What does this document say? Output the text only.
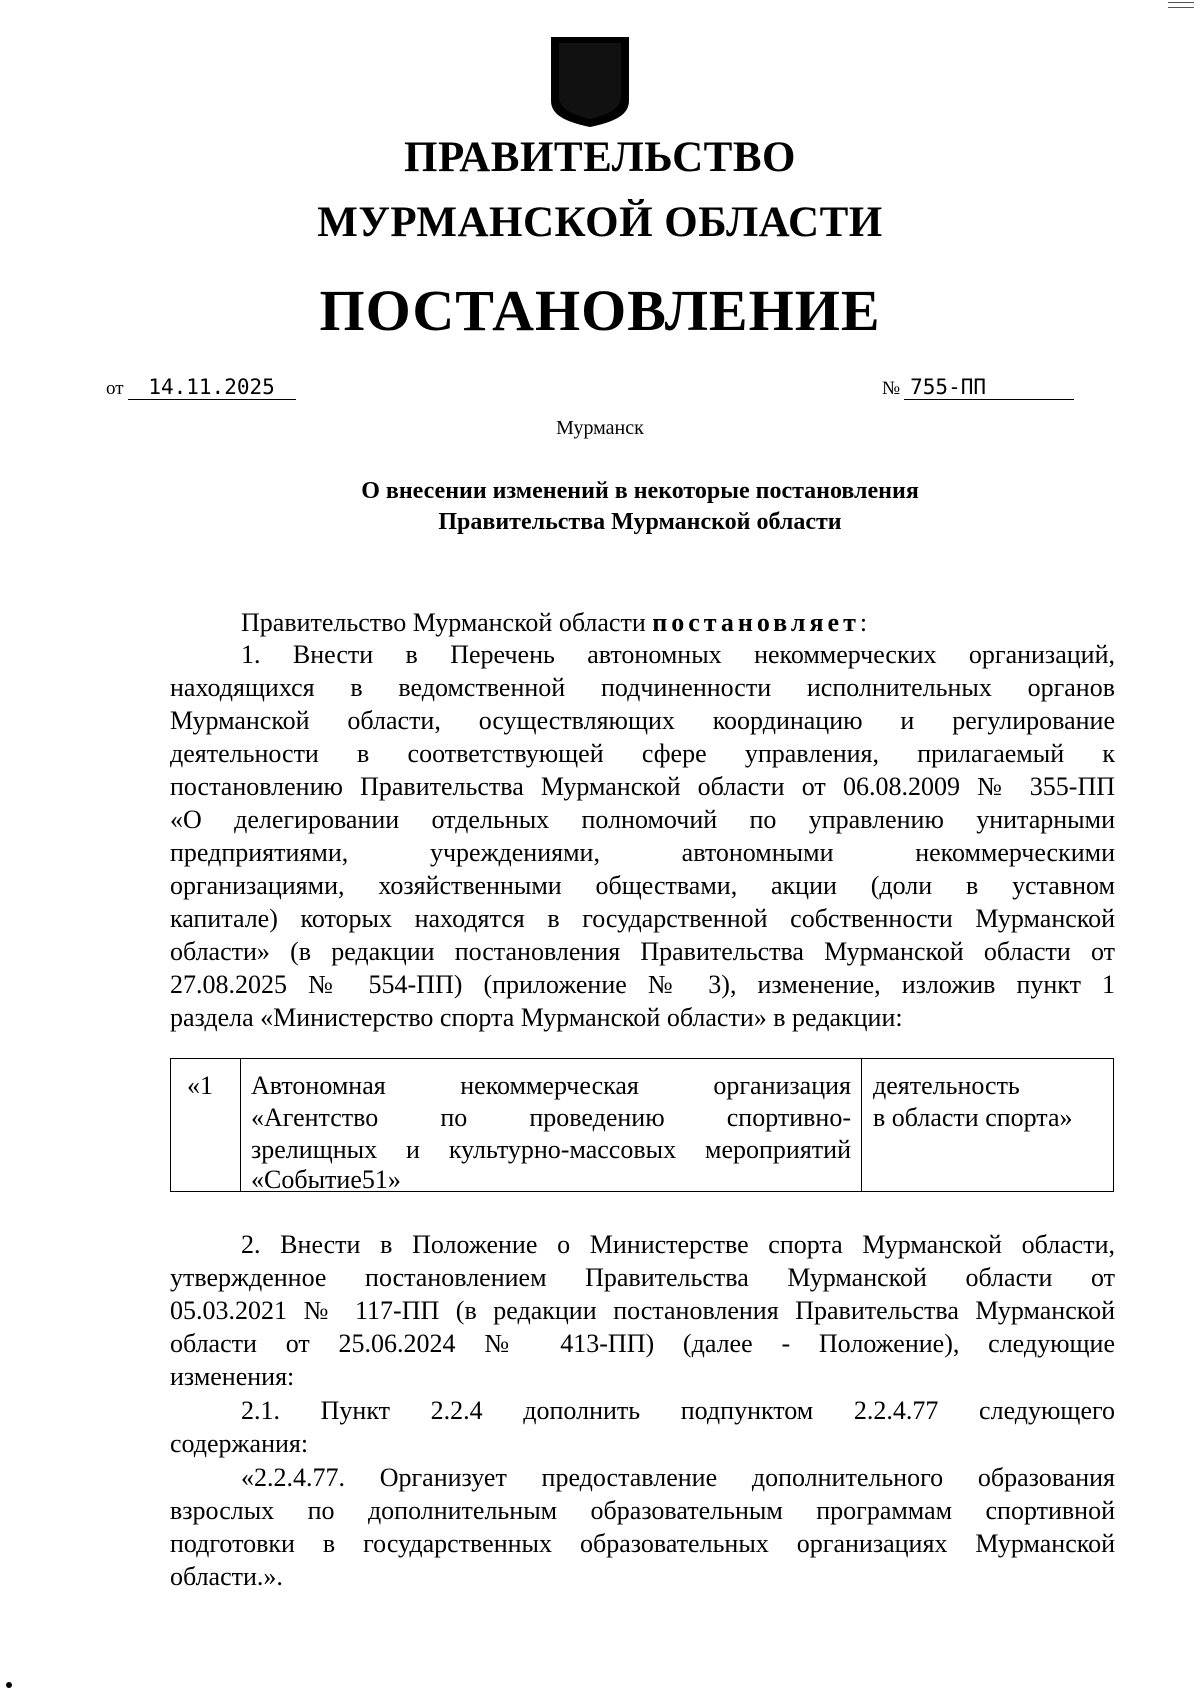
ПРАВИТЕЛЬСТВО
МУРМАНСКОЙ ОБЛАСТИ
ПОСТАНОВЛЕНИЕ
от 14.11.2025	№ 755-ПП
Мурманск
О внесении изменений в некоторые постановления
Правительства Мурманской области
Правительство Мурманской области постановляет:
1. Внести в Перечень автономных некоммерческих организаций,
находящихся в ведомственной подчиненности исполнительных органов
Мурманской области, осуществляющих координацию и регулирование
деятельности в соответствующей сфере управления, прилагаемый к
постановлению Правительства Мурманской области от 06.08.2009 № 355-ПП
«О делегировании отдельных полномочий по управлению унитарными
предприятиями, учреждениями, автономными некоммерческими
организациями, хозяйственными обществами, акции (доли в уставном
капитале) которых находятся в государственной собственности Мурманской
области» (в редакции постановления Правительства Мурманской области от
27.08.2025 № 554-ПП) (приложение № 3), изменение, изложив пункт 1
раздела «Министерство спорта Мурманской области» в редакции:
«1 Автономная некоммерческая организация
«Агентство по проведению спортивно-
зрелищных и культурно-массовых мероприятий
«Событие51»
деятельность
в области спорта»
2. Внести в Положение о Министерстве спорта Мурманской области,
утвержденное постановлением Правительства Мурманской области от
05.03.2021 № 117-ПП (в редакции постановления Правительства Мурманской
области от 25.06.2024 № 413-ПП) (далее - Положение), следующие
изменения:
2.1. Пункт 2.2.4 дополнить подпунктом 2.2.4.77 следующего
содержания:
«2.2.4.77. Организует предоставление дополнительного образования
взрослых по дополнительным образовательным программам спортивной
подготовки в государственных образовательных организациях Мурманской
области.».
